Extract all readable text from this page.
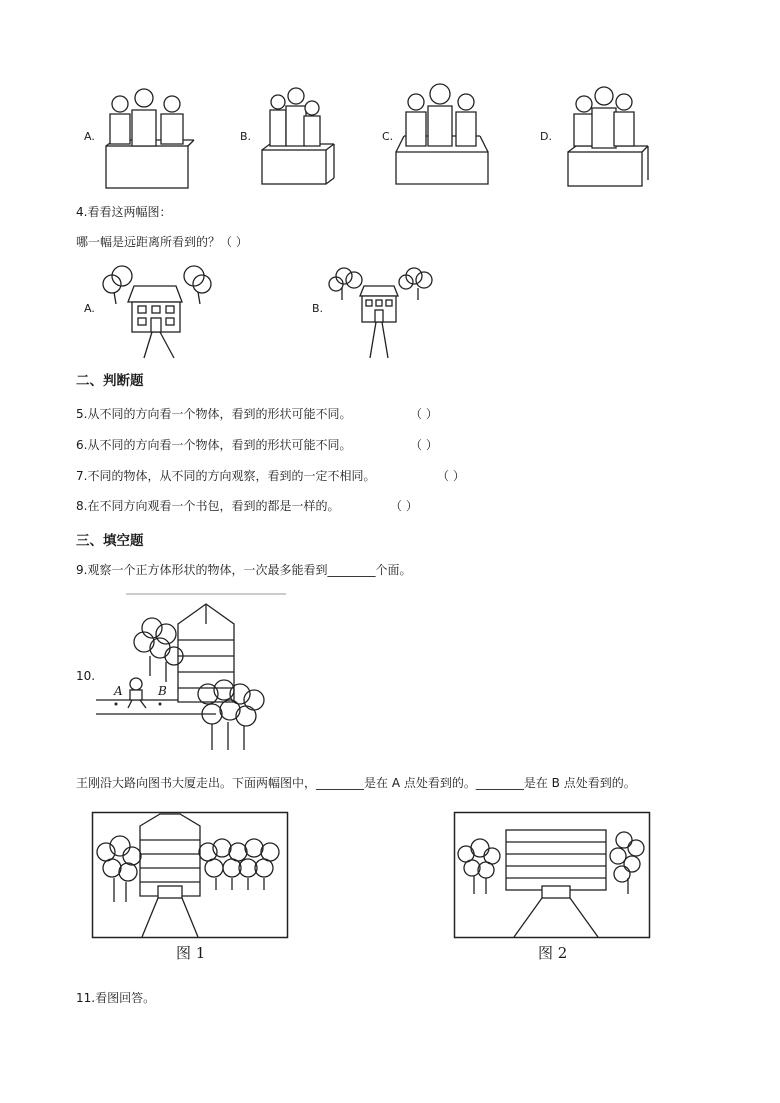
A.	B.	C.	D.
4.看看这两幅图：
哪一幅是远距离所看到的？（ ）
A.	B.
二、判断题
5.从不同的方向看一个物体，看到的形状可能不同。	（ ）
6.从不同的方向看一个物体，看到的形状可能不同。	（ ）
7.不同的物体，从不同的方向观察，看到的一定不相同。	（ ）
8.在不同方向观看一个书包，看到的都是一样的。	（ ）
三、填空题
9.观察一个正方体形状的物体，一次最多能看到________个面。
10.
A	B
王刚沿大路向图书大厦走出。下面两幅图中，________是在 A 点处看到的。________是在 B 点处看到的。
图 1	图 2
11.看图回答。
